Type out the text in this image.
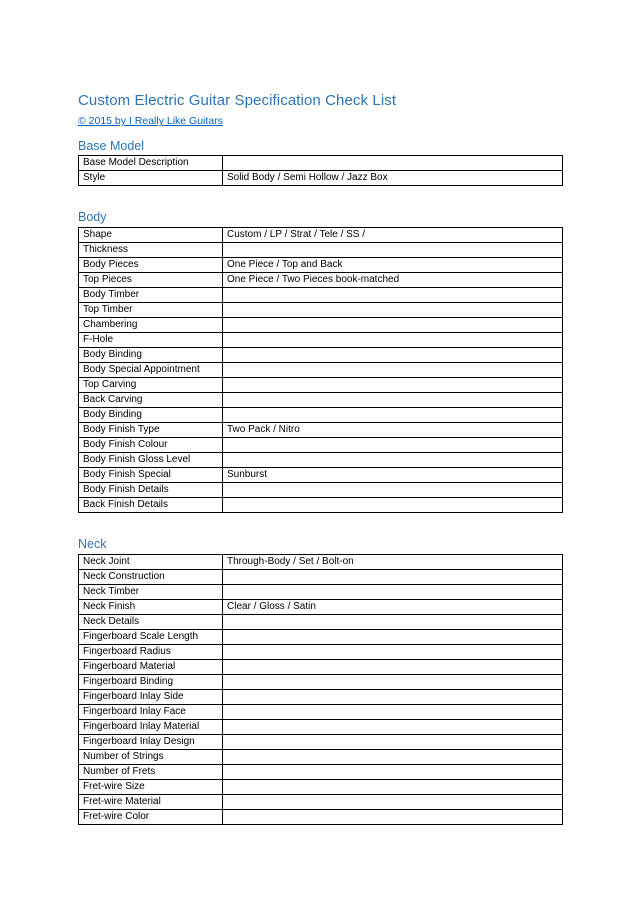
Custom Electric Guitar Specification Check List
© 2015 by I Really Like Guitars
Base Model
Base Model Description	
Style	Solid Body / Semi Hollow / Jazz Box
Body
Shape	Custom / LP / Strat / Tele / SS /
Thickness	
Body Pieces	One Piece / Top and Back
Top Pieces	One Piece / Two Pieces book-matched
Body Timber	
Top Timber	
Chambering	
F-Hole	
Body Binding	
Body Special Appointment	
Top Carving	
Back Carving	
Body Binding	
Body Finish Type	Two Pack / Nitro
Body Finish Colour	
Body Finish Gloss Level	
Body Finish Special	Sunburst
Body Finish Details	
Back Finish Details	
Neck
Neck Joint	Through-Body / Set / Bolt-on
Neck Construction	
Neck Timber	
Neck Finish	Clear / Gloss / Satin
Neck Details	
Fingerboard Scale Length	
Fingerboard Radius	
Fingerboard Material	
Fingerboard Binding	
Fingerboard Inlay Side	
Fingerboard Inlay Face	
Fingerboard Inlay Material	
Fingerboard Inlay Design	
Number of Strings	
Number of Frets	
Fret-wire Size	
Fret-wire Material	
Fret-wire Color	
